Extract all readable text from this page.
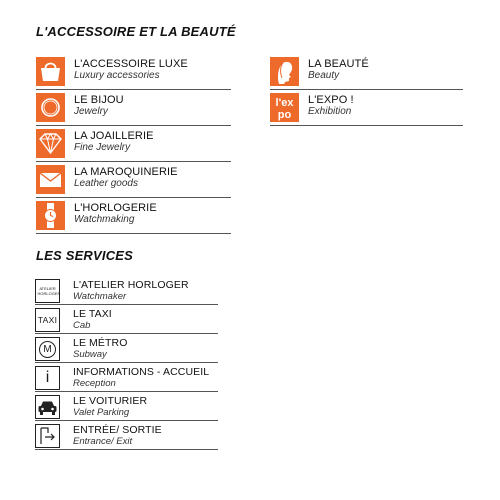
L'ACCESSOIRE ET LA BEAUTÉ
L'ACCESSOIRE LUXE
Luxury accessories
LE BIJOU
Jewelry
LA JOAILLERIE
Fine Jewelry
LA MAROQUINERIE
Leather goods
L'HORLOGERIE
Watchmaking
LA BEAUTÉ
Beauty
l'ex
po
L'EXPO !
Exhibition
LES SERVICES
ATELIER HORLOGER
L'ATELIER HORLOGER
Watchmaker
TAXI LE TAXI
Cab
M	LE MÉTRO
Subway
i INFORMATIONS - ACCUEIL
Reception
LE VOITURIER
Valet Parking
ENTRÉE/ SORTIE
Entrance/ Exit
